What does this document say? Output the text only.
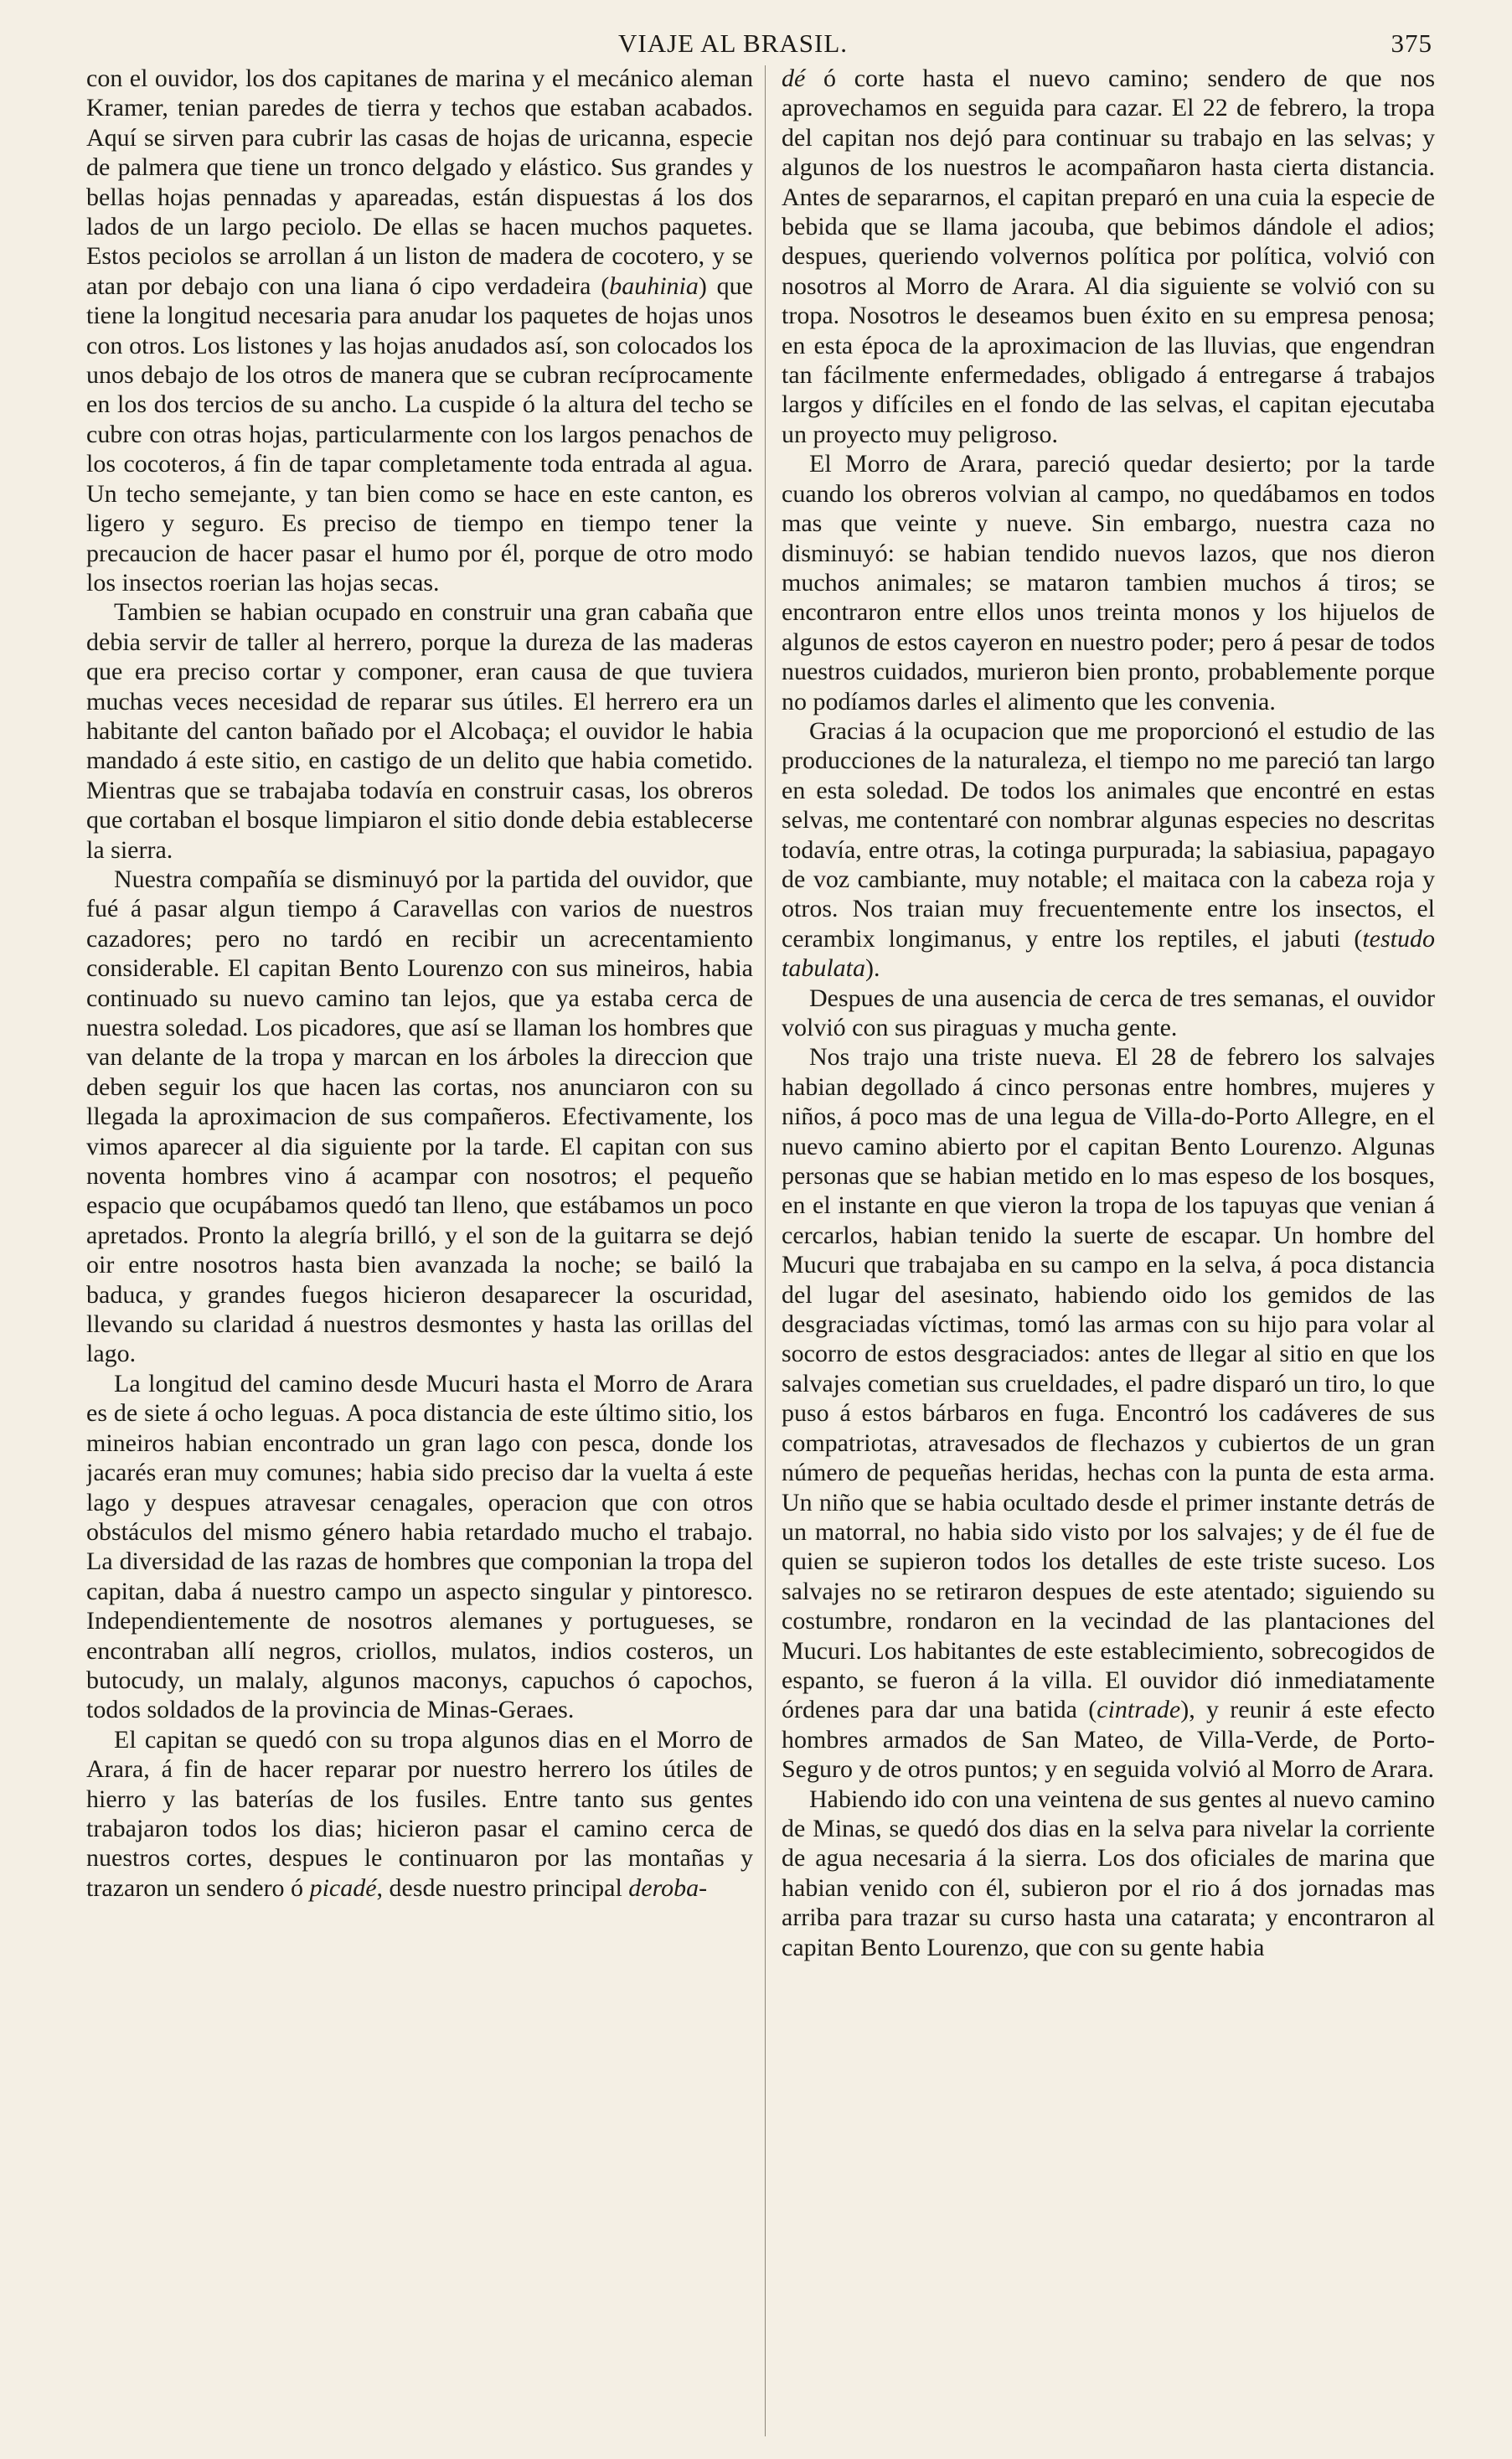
VIAJE AL BRASIL.	375

con el ouvidor, los dos capitanes de marina y el mecánico aleman Kramer, tenian paredes de tierra y techos que estaban acabados. Aquí se sirven para cubrir las casas de hojas de uricanna, especie de palmera que tiene un tronco delgado y elástico. Sus grandes y bellas hojas pennadas y apareadas, están dispuestas á los dos lados de un largo peciolo. De ellas se hacen muchos paquetes. Estos peciolos se arrollan á un liston de madera de cocotero, y se atan por debajo con una liana ó cipo verdadeira (bauhinia) que tiene la longitud necesaria para anudar los paquetes de hojas unos con otros. Los listones y las hojas anudados así, son colocados los unos debajo de los otros de manera que se cubran recíprocamente en los dos tercios de su ancho. La cuspide ó la altura del techo se cubre con otras hojas, particularmente con los largos penachos de los cocoteros, á fin de tapar completamente toda entrada al agua. Un techo semejante, y tan bien como se hace en este canton, es ligero y seguro. Es preciso de tiempo en tiempo tener la precaucion de hacer pasar el humo por él, porque de otro modo los insectos roerian las hojas secas.

Tambien se habian ocupado en construir una gran cabaña que debia servir de taller al herrero, porque la dureza de las maderas que era preciso cortar y componer, eran causa de que tuviera muchas veces necesidad de reparar sus útiles. El herrero era un habitante del canton bañado por el Alcobaça; el ouvidor le habia mandado á este sitio, en castigo de un delito que habia cometido. Mientras que se trabajaba todavía en construir casas, los obreros que cortaban el bosque limpiaron el sitio donde debia establecerse la sierra.

Nuestra compañía se disminuyó por la partida del ouvidor, que fué á pasar algun tiempo á Caravellas con varios de nuestros cazadores; pero no tardó en recibir un acrecentamiento considerable. El capitan Bento Lourenzo con sus mineiros, habia continuado su nuevo camino tan lejos, que ya estaba cerca de nuestra soledad. Los picadores, que así se llaman los hombres que van delante de la tropa y marcan en los árboles la direccion que deben seguir los que hacen las cortas, nos anunciaron con su llegada la aproximacion de sus compañeros. Efectivamente, los vimos aparecer al dia siguiente por la tarde. El capitan con sus noventa hombres vino á acampar con nosotros; el pequeño espacio que ocupábamos quedó tan lleno, que estábamos un poco apretados. Pronto la alegría brilló, y el son de la guitarra se dejó oir entre nosotros hasta bien avanzada la noche; se bailó la baduca, y grandes fuegos hicieron desaparecer la oscuridad, llevando su claridad á nuestros desmontes y hasta las orillas del lago.

La longitud del camino desde Mucuri hasta el Morro de Arara es de siete á ocho leguas. A poca distancia de este último sitio, los mineiros habian encontrado un gran lago con pesca, donde los jacarés eran muy comunes; habia sido preciso dar la vuelta á este lago y despues atravesar cenagales, operacion que con otros obstáculos del mismo género habia retardado mucho el trabajo. La diversidad de las razas de hombres que componian la tropa del capitan, daba á nuestro campo un aspecto singular y pintoresco. Independientemente de nosotros alemanes y portugueses, se encontraban allí negros, criollos, mulatos, indios costeros, un butocudy, un malaly, algunos maconys, capuchos ó capochos, todos soldados de la provincia de Minas-Geraes.

El capitan se quedó con su tropa algunos dias en el Morro de Arara, á fin de hacer reparar por nuestro herrero los útiles de hierro y las baterías de los fusiles. Entre tanto sus gentes trabajaron todos los dias; hicieron pasar el camino cerca de nuestros cortes, despues le continuaron por las montañas y trazaron un sendero ó picadé, desde nuestro principal deroba-

dé ó corte hasta el nuevo camino; sendero de que nos aprovechamos en seguida para cazar. El 22 de febrero, la tropa del capitan nos dejó para continuar su trabajo en las selvas; y algunos de los nuestros le acompañaron hasta cierta distancia. Antes de separarnos, el capitan preparó en una cuia la especie de bebida que se llama jacouba, que bebimos dándole el adios; despues, queriendo volvernos política por política, volvió con nosotros al Morro de Arara. Al dia siguiente se volvió con su tropa. Nosotros le deseamos buen éxito en su empresa penosa; en esta época de la aproximacion de las lluvias, que engendran tan fácilmente enfermedades, obligado á entregarse á trabajos largos y difíciles en el fondo de las selvas, el capitan ejecutaba un proyecto muy peligroso.

El Morro de Arara, pareció quedar desierto; por la tarde cuando los obreros volvian al campo, no quedábamos en todos mas que veinte y nueve. Sin embargo, nuestra caza no disminuyó: se habian tendido nuevos lazos, que nos dieron muchos animales; se mataron tambien muchos á tiros; se encontraron entre ellos unos treinta monos y los hijuelos de algunos de estos cayeron en nuestro poder; pero á pesar de todos nuestros cuidados, murieron bien pronto, probablemente porque no podíamos darles el alimento que les convenia.

Gracias á la ocupacion que me proporcionó el estudio de las producciones de la naturaleza, el tiempo no me pareció tan largo en esta soledad. De todos los animales que encontré en estas selvas, me contentaré con nombrar algunas especies no descritas todavía, entre otras, la cotinga purpurada; la sabiasiua, papagayo de voz cambiante, muy notable; el maitaca con la cabeza roja y otros. Nos traian muy frecuentemente entre los insectos, el cerambix longimanus, y entre los reptiles, el jabuti (testudo tabulata).

Despues de una ausencia de cerca de tres semanas, el ouvidor volvió con sus piraguas y mucha gente.

Nos trajo una triste nueva. El 28 de febrero los salvajes habian degollado á cinco personas entre hombres, mujeres y niños, á poco mas de una legua de Villa-do-Porto Allegre, en el nuevo camino abierto por el capitan Bento Lourenzo. Algunas personas que se habian metido en lo mas espeso de los bosques, en el instante en que vieron la tropa de los tapuyas que venian á cercarlos, habian tenido la suerte de escapar. Un hombre del Mucuri que trabajaba en su campo en la selva, á poca distancia del lugar del asesinato, habiendo oido los gemidos de las desgraciadas víctimas, tomó las armas con su hijo para volar al socorro de estos desgraciados: antes de llegar al sitio en que los salvajes cometian sus crueldades, el padre disparó un tiro, lo que puso á estos bárbaros en fuga. Encontró los cadáveres de sus compatriotas, atravesados de flechazos y cubiertos de un gran número de pequeñas heridas, hechas con la punta de esta arma. Un niño que se habia ocultado desde el primer instante detrás de un matorral, no habia sido visto por los salvajes; y de él fue de quien se supieron todos los detalles de este triste suceso. Los salvajes no se retiraron despues de este atentado; siguiendo su costumbre, rondaron en la vecindad de las plantaciones del Mucuri. Los habitantes de este establecimiento, sobrecogidos de espanto, se fueron á la villa. El ouvidor dió inmediatamente órdenes para dar una batida (cintrade), y reunir á este efecto hombres armados de San Mateo, de Villa-Verde, de Porto-Seguro y de otros puntos; y en seguida volvió al Morro de Arara.

Habiendo ido con una veintena de sus gentes al nuevo camino de Minas, se quedó dos dias en la selva para nivelar la corriente de agua necesaria á la sierra. Los dos oficiales de marina que habian venido con él, subieron por el rio á dos jornadas mas arriba para trazar su curso hasta una catarata; y encontraron al capitan Bento Lourenzo, que con su gente habia
